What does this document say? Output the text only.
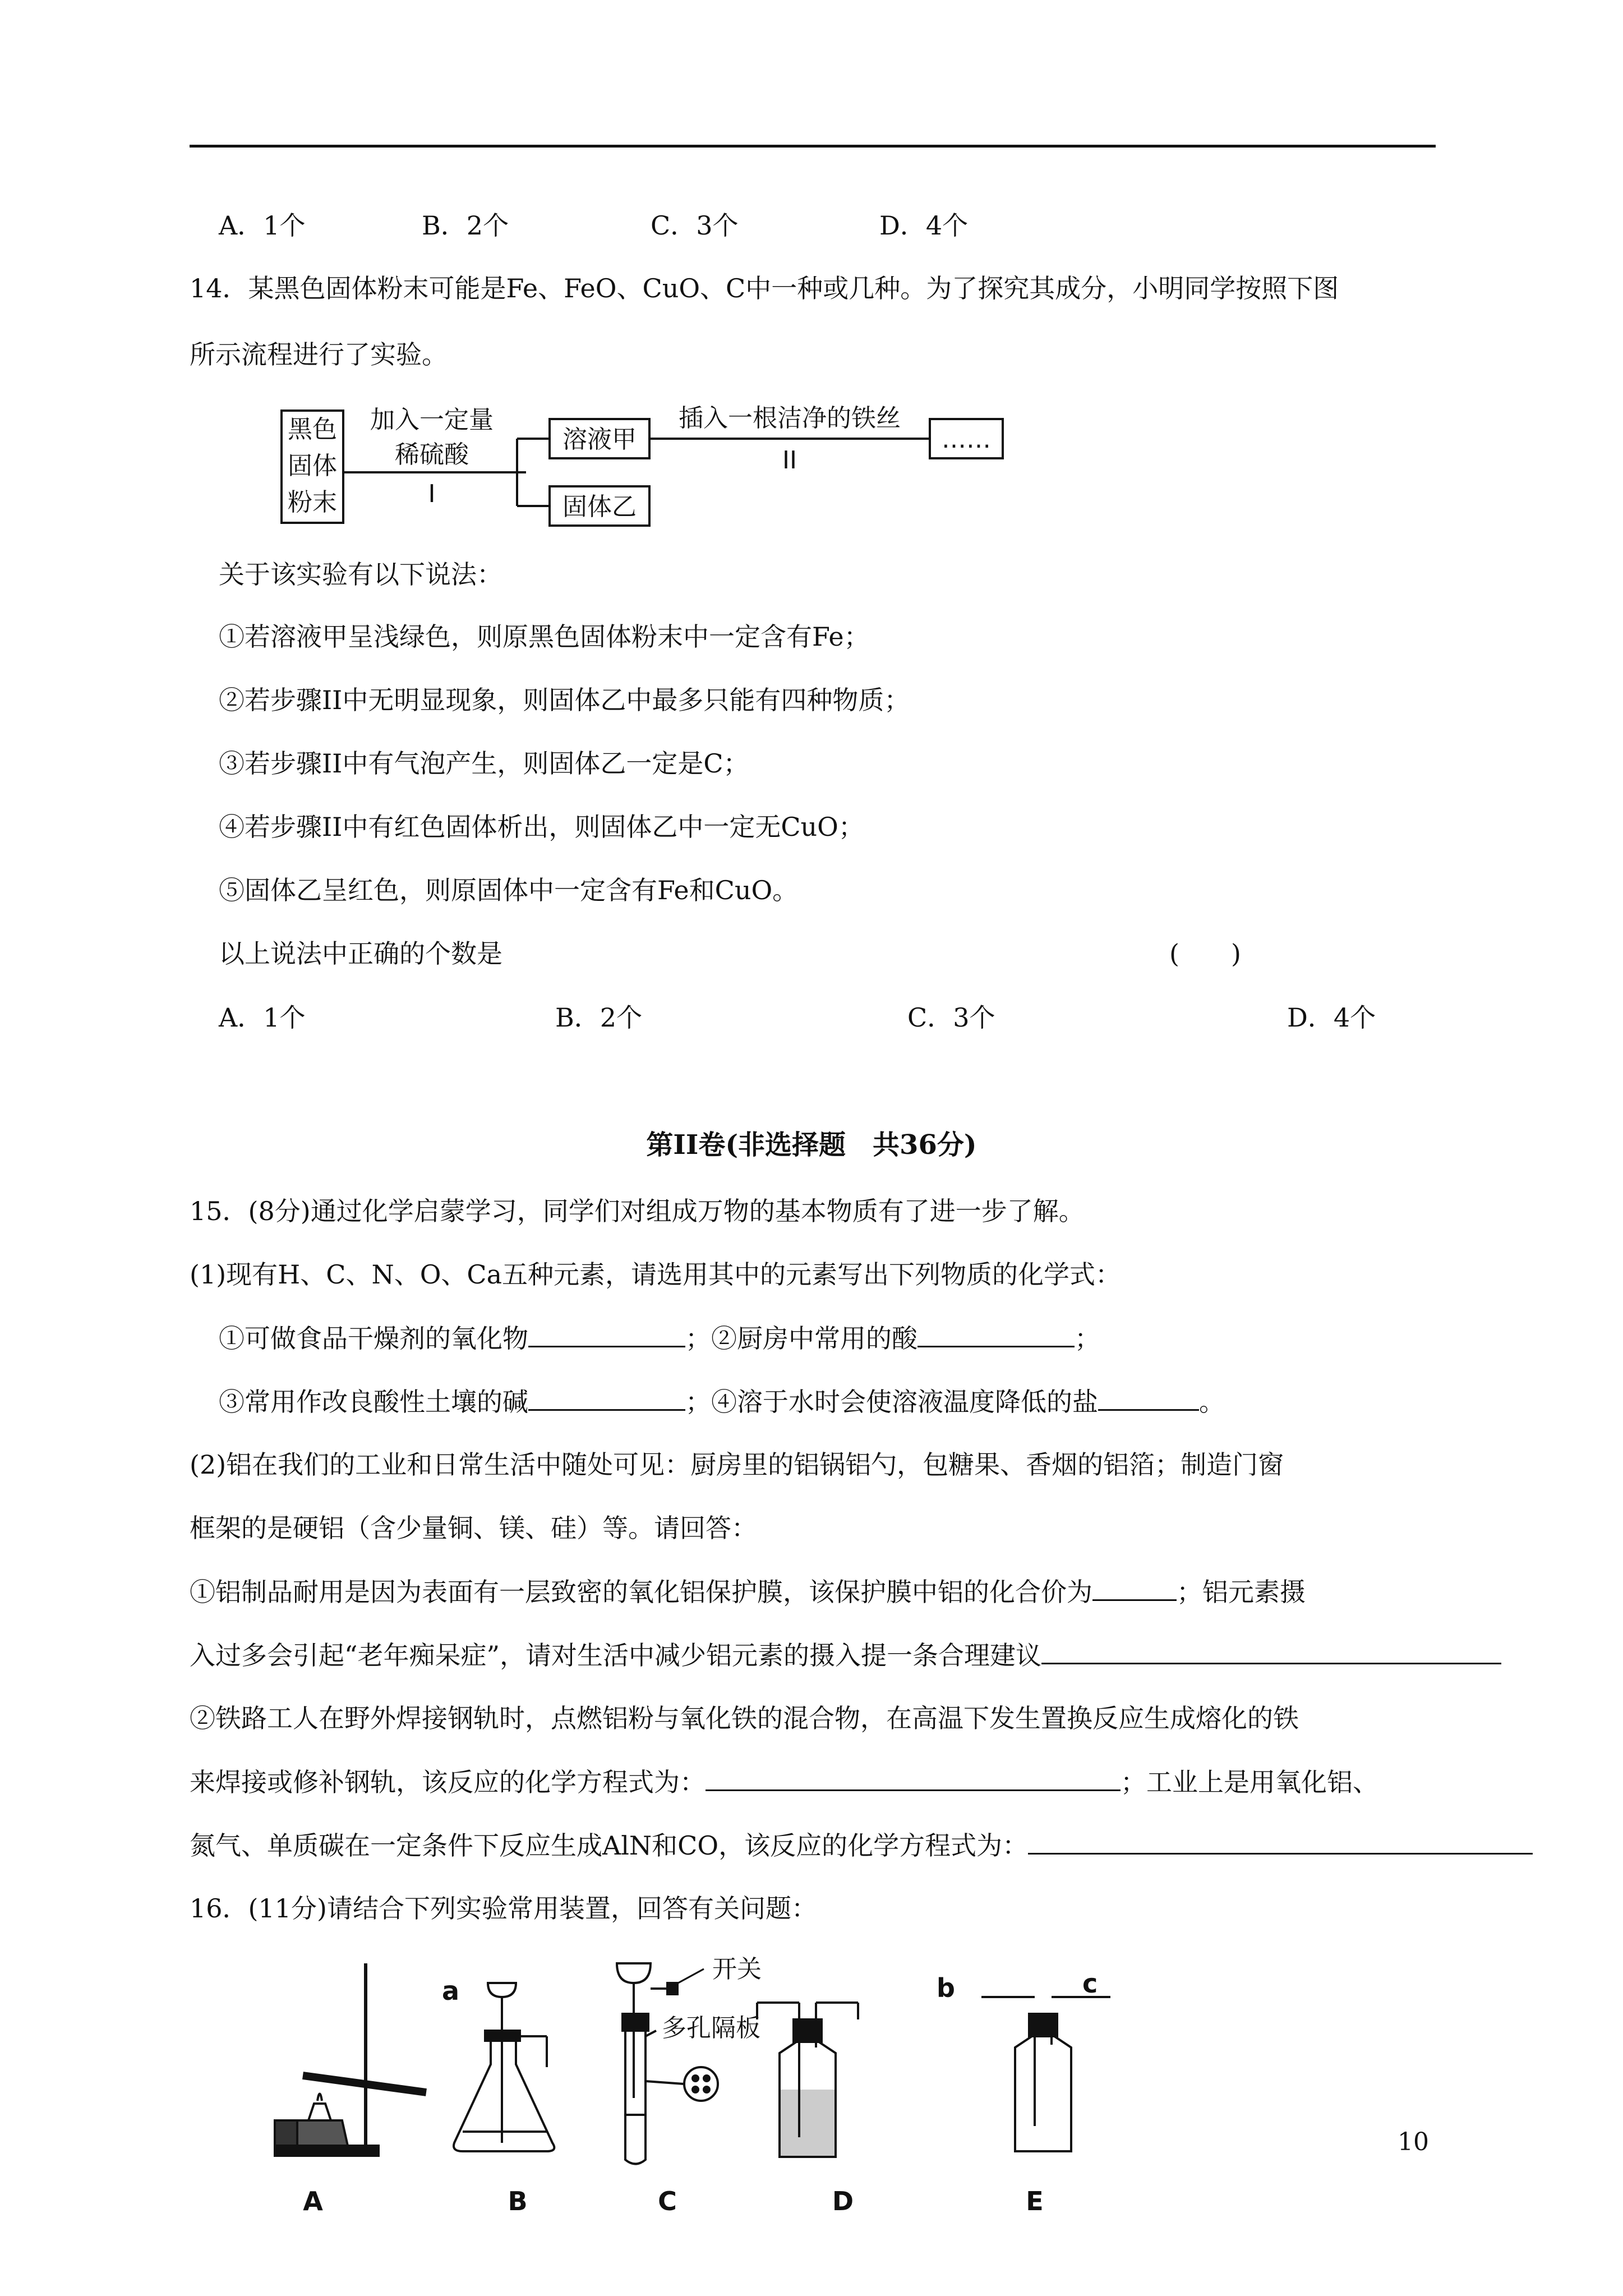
A．1个	B．2个	C．3个	D．4个
14．某黑色固体粉末可能是Fe、FeO、CuO、C中一种或几种。为了探究其成分，小明同学按照下图
所示流程进行了实验。
黑色
固体
粉末
加入一定量
稀硫酸
I
溶液甲
固体乙
插入一根洁净的铁丝
II
……
关于该实验有以下说法：
①若溶液甲呈浅绿色，则原黑色固体粉末中一定含有Fe；
②若步骤II中无明显现象，则固体乙中最多只能有四种物质；
③若步骤II中有气泡产生，则固体乙一定是C；
④若步骤II中有红色固体析出，则固体乙中一定无CuO；
⑤固体乙呈红色，则原固体中一定含有Fe和CuO。
以上说法中正确的个数是	(　　)
A．1个	B．2个	C．3个	D．4个
第II卷(非选择题　共36分)
15．(8分)通过化学启蒙学习，同学们对组成万物的基本物质有了进一步了解。
(1)现有H、C、N、O、Ca五种元素，请选用其中的元素写出下列物质的化学式：
①可做食品干燥剂的氧化物	；②厨房中常用的酸	；
③常用作改良酸性土壤的碱	；④溶于水时会使溶液温度降低的盐	。
(2)铝在我们的工业和日常生活中随处可见：厨房里的铝锅铝勺，包糖果、香烟的铝箔；制造门窗
框架的是硬铝（含少量铜、镁、硅）等。请回答：
①铝制品耐用是因为表面有一层致密的氧化铝保护膜，该保护膜中铝的化合价为	；铝元素摄
入过多会引起“老年痴呆症”，请对生活中减少铝元素的摄入提一条合理建议
②铁路工人在野外焊接钢轨时，点燃铝粉与氧化铁的混合物，在高温下发生置换反应生成熔化的铁
来焊接或修补钢轨，该反应的化学方程式为：	；工业上是用氧化铝、
氮气、单质碳在一定条件下反应生成AlN和CO，该反应的化学方程式为：
16．(11分)请结合下列实验常用装置，回答有关问题：
A	B	C	D	E
a	b	c
开关
多孔隔板
10
